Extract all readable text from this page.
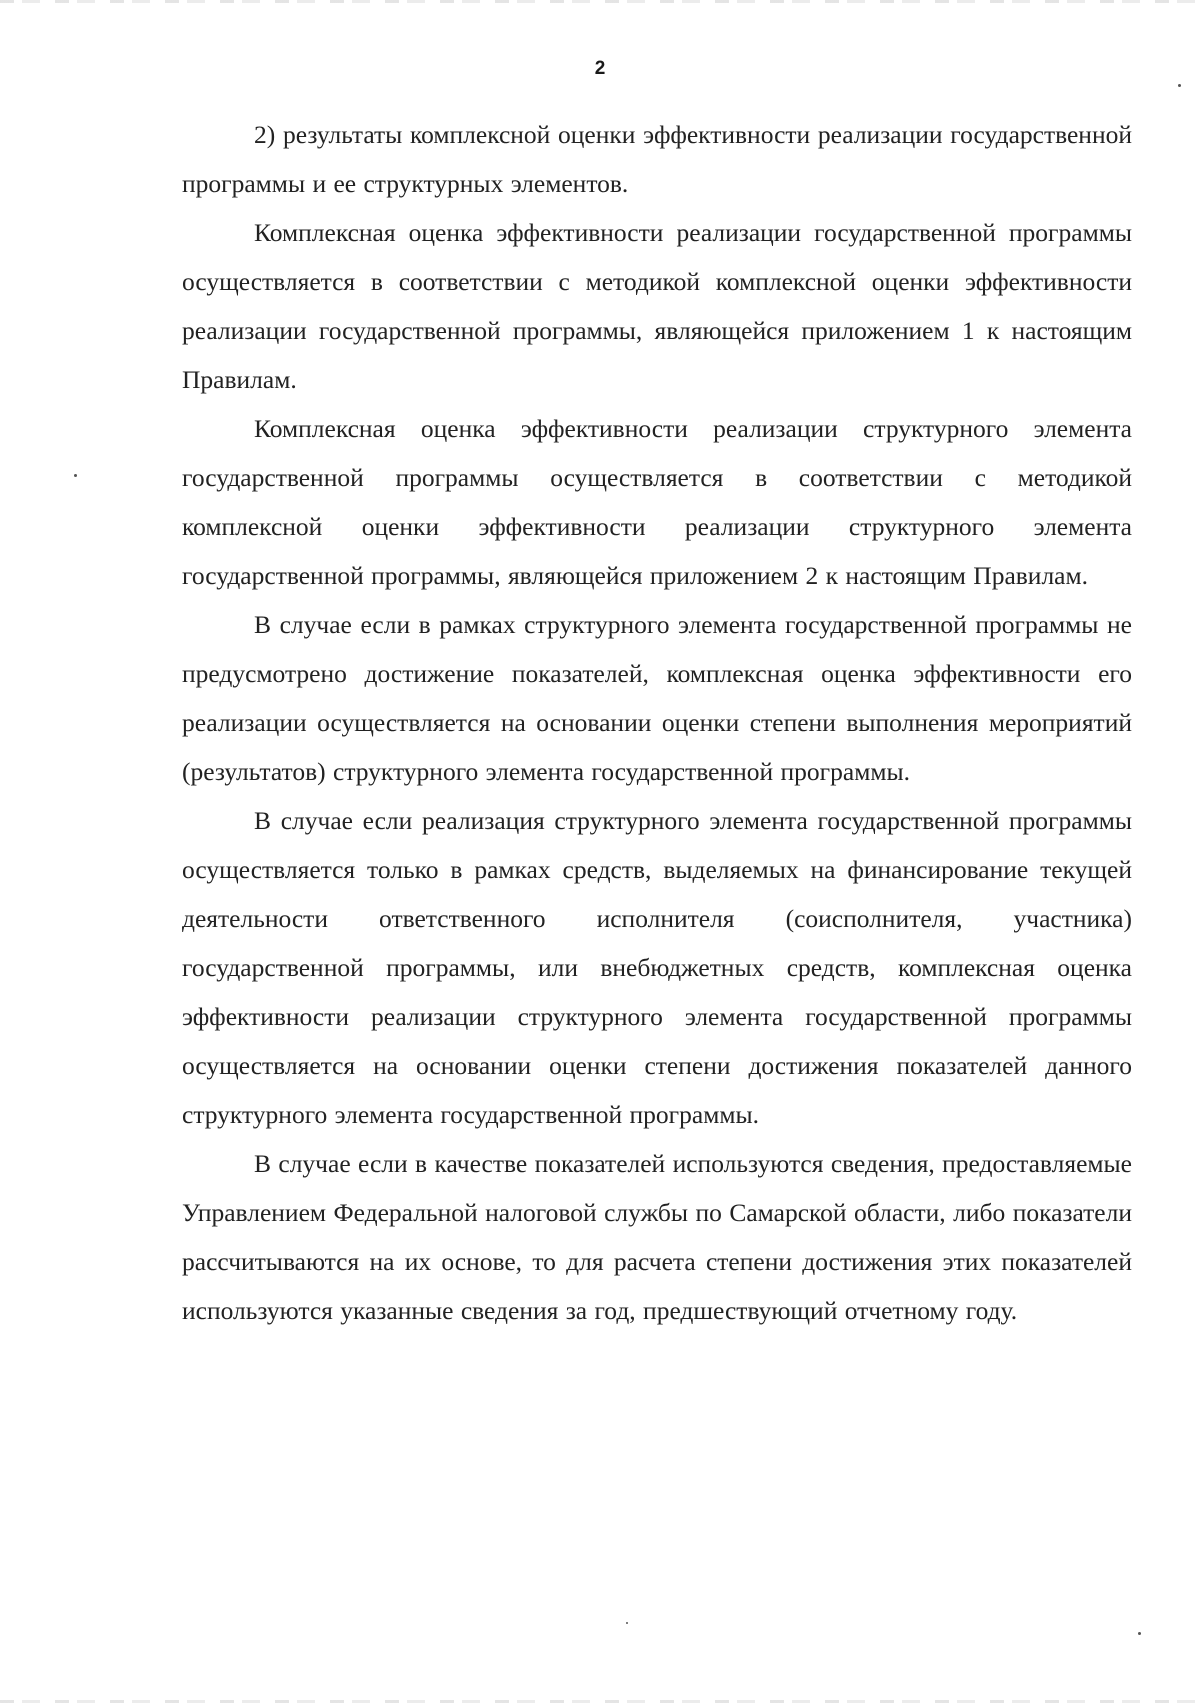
2

2) результаты комплексной оценки эффективности реализации государственной программы и ее структурных элементов.

Комплексная оценка эффективности реализации государственной программы осуществляется в соответствии с методикой комплексной оценки эффективности реализации государственной программы, являющейся приложением 1 к настоящим Правилам.

Комплексная оценка эффективности реализации структурного элемента государственной программы осуществляется в соответствии с методикой комплексной оценки эффективности реализации структурного элемента государственной программы, являющейся приложением 2 к настоящим Правилам.

В случае если в рамках структурного элемента государственной программы не предусмотрено достижение показателей, комплексная оценка эффективности его реализации осуществляется на основании оценки степени выполнения мероприятий (результатов) структурного элемента государственной программы.

В случае если реализация структурного элемента государственной программы осуществляется только в рамках средств, выделяемых на финансирование текущей деятельности ответственного исполнителя (соисполнителя, участника) государственной программы, или внебюджетных средств, комплексная оценка эффективности реализации структурного элемента государственной программы осуществляется на основании оценки степени достижения показателей данного структурного элемента государственной программы.

В случае если в качестве показателей используются сведения, предоставляемые Управлением Федеральной налоговой службы по Самарской области, либо показатели рассчитываются на их основе, то для расчета степени достижения этих показателей используются указанные сведения за год, предшествующий отчетному году.
